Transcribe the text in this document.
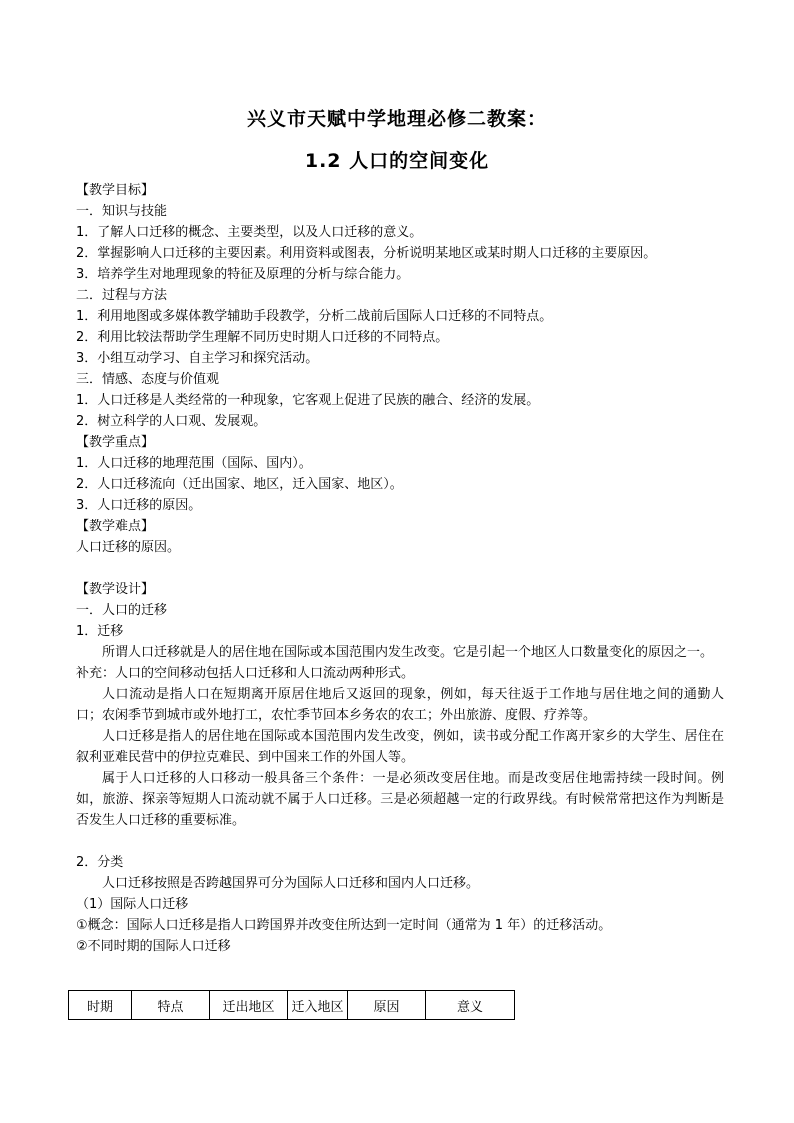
兴义市天赋中学地理必修二教案：
1.2 人口的空间变化

【教学目标】

一．知识与技能

1．了解人口迁移的概念、主要类型，以及人口迁移的意义。

2．掌握影响人口迁移的主要因素。利用资料或图表，分析说明某地区或某时期人口迁移的主要原因。

3．培养学生对地理现象的特征及原理的分析与综合能力。

二．过程与方法

1．利用地图或多媒体教学辅助手段教学，分析二战前后国际人口迁移的不同特点。

2．利用比较法帮助学生理解不同历史时期人口迁移的不同特点。

3．小组互动学习、自主学习和探究活动。

三．情感、态度与价值观

1．人口迁移是人类经常的一种现象，它客观上促进了民族的融合、经济的发展。

2．树立科学的人口观、发展观。

【教学重点】

1．人口迁移的地理范围（国际、国内）。

2．人口迁移流向（迁出国家、地区，迁入国家、地区）。

3．人口迁移的原因。

【教学难点】

人口迁移的原因。

【教学设计】

一．人口的迁移

1．迁移

所谓人口迁移就是人的居住地在国际或本国范围内发生改变。它是引起一个地区人口数量变化的原因之一。

补充：人口的空间移动包括人口迁移和人口流动两种形式。

人口流动是指人口在短期离开原居住地后又返回的现象，例如，每天往返于工作地与居住地之间的通勤人口；农闲季节到城市或外地打工，农忙季节回本乡务农的农工；外出旅游、度假、疗养等。

人口迁移是指人的居住地在国际或本国范围内发生改变，例如，读书或分配工作离开家乡的大学生、居住在叙利亚难民营中的伊拉克难民、到中国来工作的外国人等。

属于人口迁移的人口移动一般具备三个条件：一是必须改变居住地。而是改变居住地需持续一段时间。例如，旅游、探亲等短期人口流动就不属于人口迁移。三是必须超越一定的行政界线。有时候常常把这作为判断是否发生人口迁移的重要标准。

2．分类

人口迁移按照是否跨越国界可分为国际人口迁移和国内人口迁移。

（1）国际人口迁移

①概念：国际人口迁移是指人口跨国界并改变住所达到一定时间（通常为 1 年）的迁移活动。

②不同时期的国际人口迁移

时期	特点	迁出地区	迁入地区	原因	意义
